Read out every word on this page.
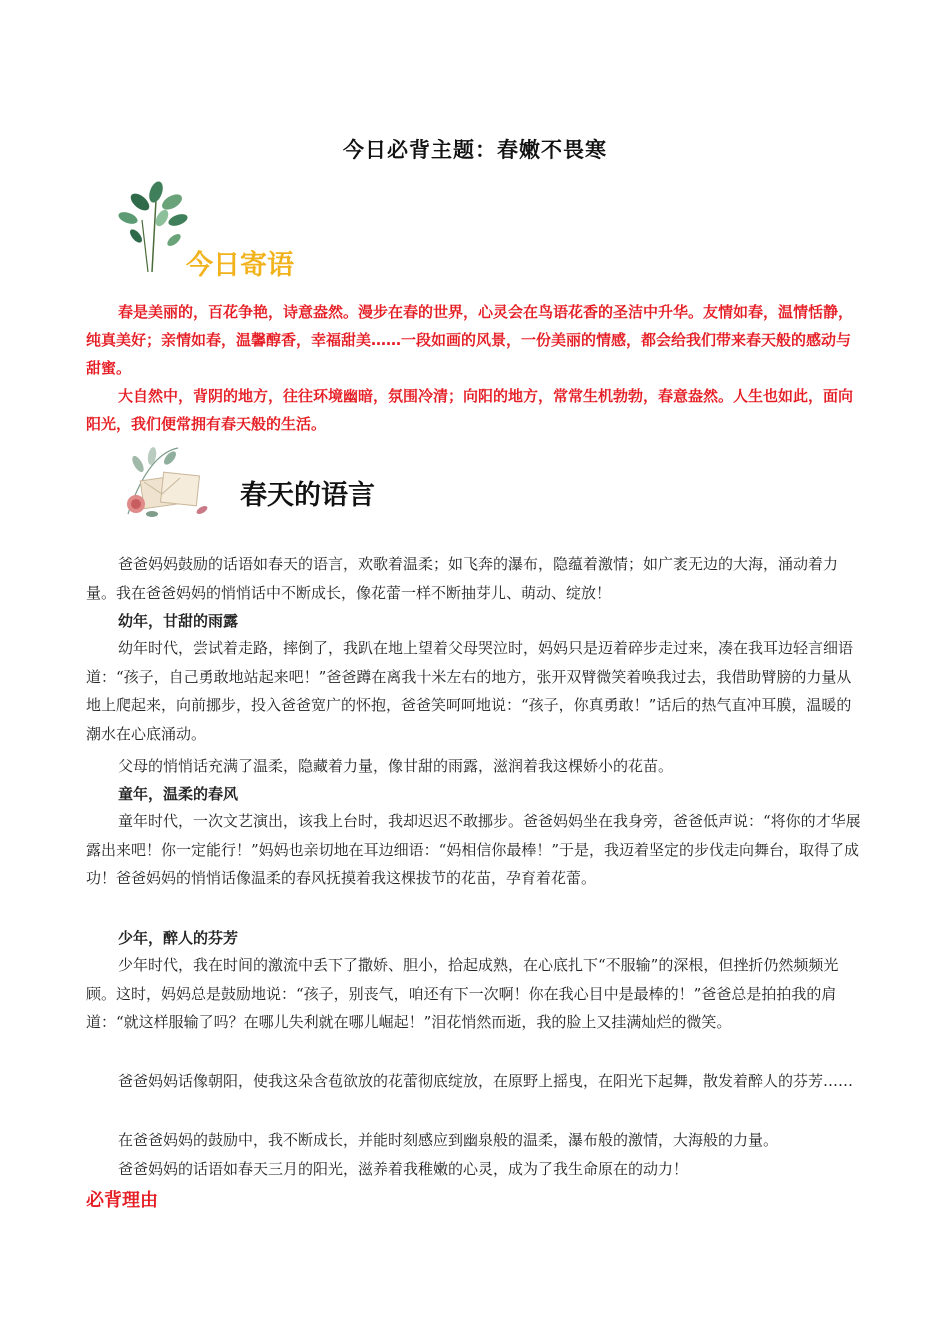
今日必背主题：春嫩不畏寒
今日寄语

春是美丽的，百花争艳，诗意盎然。漫步在春的世界，心灵会在鸟语花香的圣洁中升华。友情如春，温情恬静，纯真美好；亲情如春，温馨醇香，幸福甜美……一段如画的风景，一份美丽的情感，都会给我们带来春天般的感动与甜蜜。

大自然中，背阴的地方，往往环境幽暗，氛围冷清；向阳的地方，常常生机勃勃，春意盎然。人生也如此，面向阳光，我们便常拥有春天般的生活。

春天的语言

爸爸妈妈鼓励的话语如春天的语言，欢歌着温柔；如飞奔的瀑布，隐蕴着激情；如广袤无边的大海，涌动着力量。我在爸爸妈妈的悄悄话中不断成长，像花蕾一样不断抽芽儿、萌动、绽放！

幼年，甘甜的雨露

幼年时代，尝试着走路，摔倒了，我趴在地上望着父母哭泣时，妈妈只是迈着碎步走过来，凑在我耳边轻言细语道：“孩子，自己勇敢地站起来吧！”爸爸蹲在离我十米左右的地方，张开双臂微笑着唤我过去，我借助臂膀的力量从地上爬起来，向前挪步，投入爸爸宽广的怀抱，爸爸笑呵呵地说：“孩子，你真勇敢！”话后的热气直冲耳膜，温暖的潮水在心底涌动。

父母的悄悄话充满了温柔，隐藏着力量，像甘甜的雨露，滋润着我这棵娇小的花苗。

童年，温柔的春风

童年时代，一次文艺演出，该我上台时，我却迟迟不敢挪步。爸爸妈妈坐在我身旁，爸爸低声说：“将你的才华展露出来吧！你一定能行！”妈妈也亲切地在耳边细语：“妈相信你最棒！”于是，我迈着坚定的步伐走向舞台，取得了成功！爸爸妈妈的悄悄话像温柔的春风抚摸着我这棵拔节的花苗，孕育着花蕾。

少年，醉人的芬芳

少年时代，我在时间的激流中丢下了撒娇、胆小，拾起成熟，在心底扎下“不服输”的深根，但挫折仍然频频光顾。这时，妈妈总是鼓励地说：“孩子，别丧气，咱还有下一次啊！你在我心目中是最棒的！”爸爸总是拍拍我的肩道：“就这样服输了吗？在哪儿失利就在哪儿崛起！”泪花悄然而逝，我的脸上又挂满灿烂的微笑。

爸爸妈妈话像朝阳，使我这朵含苞欲放的花蕾彻底绽放，在原野上摇曳，在阳光下起舞，散发着醉人的芬芳……

在爸爸妈妈的鼓励中，我不断成长，并能时刻感应到幽泉般的温柔，瀑布般的激情，大海般的力量。

爸爸妈妈的话语如春天三月的阳光，滋养着我稚嫩的心灵，成为了我生命原在的动力！

必背理由
